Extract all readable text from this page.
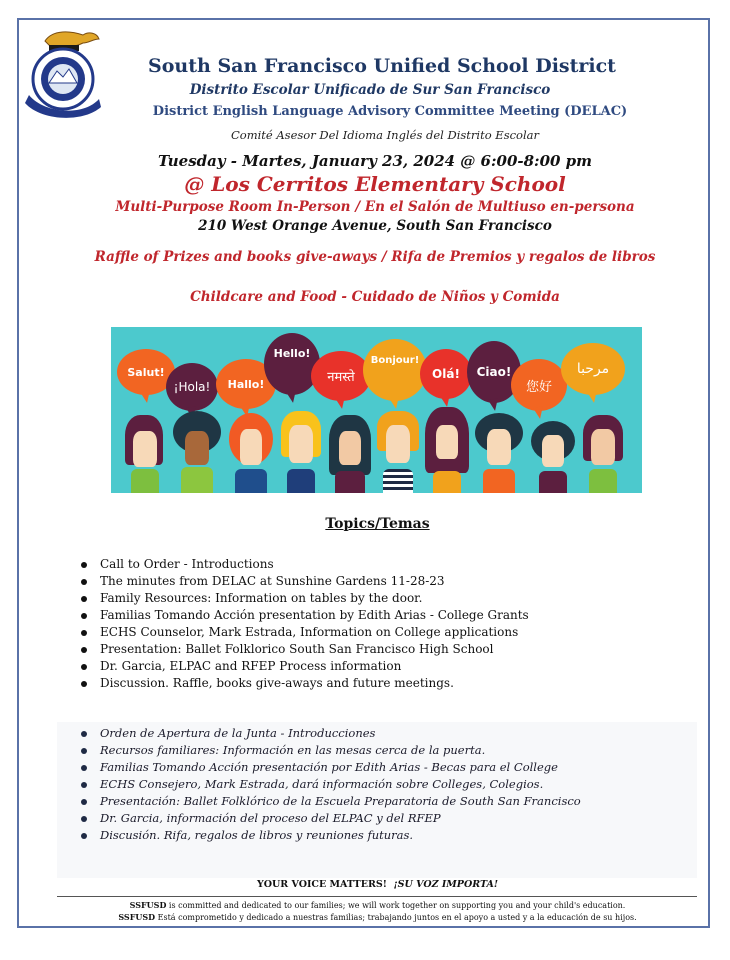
South San Francisco Unified School District
Distrito Escolar Unificado de Sur San Francisco
District English Language Advisory Committee Meeting (DELAC)
Comité Asesor Del Idioma Inglés del Distrito Escolar
Tuesday - Martes, January 23, 2024 @ 6:00-8:00 pm
@ Los Cerritos Elementary School
Multi-Purpose Room In-Person / En el Salón de Multiuso en-persona
210 West Orange Avenue, South San Francisco
Raffle of Prizes and books give-aways / Rifa de Premios y regalos de libros
Childcare and Food - Cuidado de Niños y Comida
Salut!
¡Hola! Hallo!
Hello!
नमस्ते
Bonjour!
Olá! Ciao!
您好
مرحبا
Topics/Temas
Call to Order - Introductions
The minutes from DELAC at Sunshine Gardens 11-28-23
Family Resources: Information on tables by the door.
Familias Tomando Acción presentation by Edith Arias - College Grants
ECHS Counselor, Mark Estrada, Information on College applications
Presentation: Ballet Folklorico South San Francisco High School
Dr. Garcia, ELPAC and RFEP Process information
Discussion. Raffle, books give-aways and future meetings.
Orden de Apertura de la Junta - Introducciones
Recursos familiares: Información en las mesas cerca de la puerta.
Familias Tomando Acción presentación por Edith Arias - Becas para el College
ECHS Consejero, Mark Estrada, dará información sobre Colleges, Colegios.
Presentación: Ballet Folklórico de la Escuela Preparatoria de South San Francisco
Dr. Garcia, información del proceso del ELPAC y del RFEP
Discusión. Rifa, regalos de libros y reuniones futuras.
YOUR VOICE MATTERS! ¡SU VOZ IMPORTA!
SSFUSD is committed and dedicated to our families; we will work together on supporting you and your child's education.
SSFUSD Está comprometido y dedicado a nuestras familias; trabajando juntos en el apoyo a usted y a la educación de su hijos.
